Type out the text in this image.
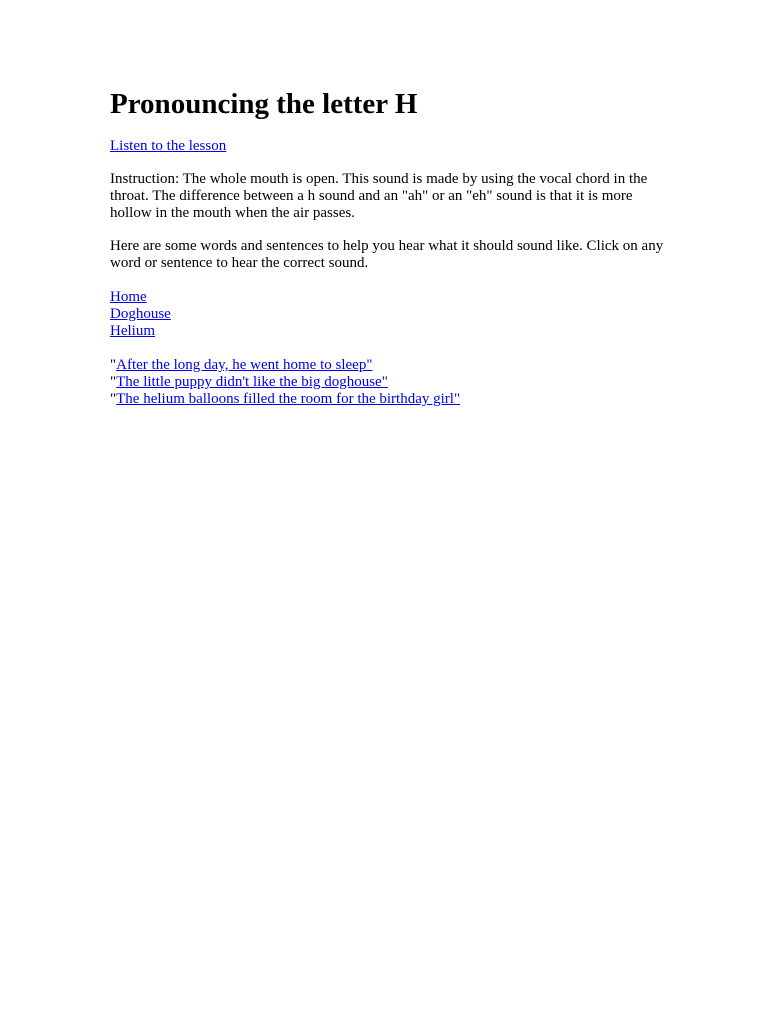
Pronouncing the letter H

Listen to the lesson

Instruction: The whole mouth is open. This sound is made by using the vocal chord in the throat. The difference between a h sound and an "ah" or an "eh" sound is that it is more hollow in the mouth when the air passes.

Here are some words and sentences to help you hear what it should sound like. Click on any word or sentence to hear the correct sound.

Home
Doghouse
Helium
"After the long day, he went home to sleep"
"The little puppy didn't like the big doghouse"
"The helium balloons filled the room for the birthday girl"
